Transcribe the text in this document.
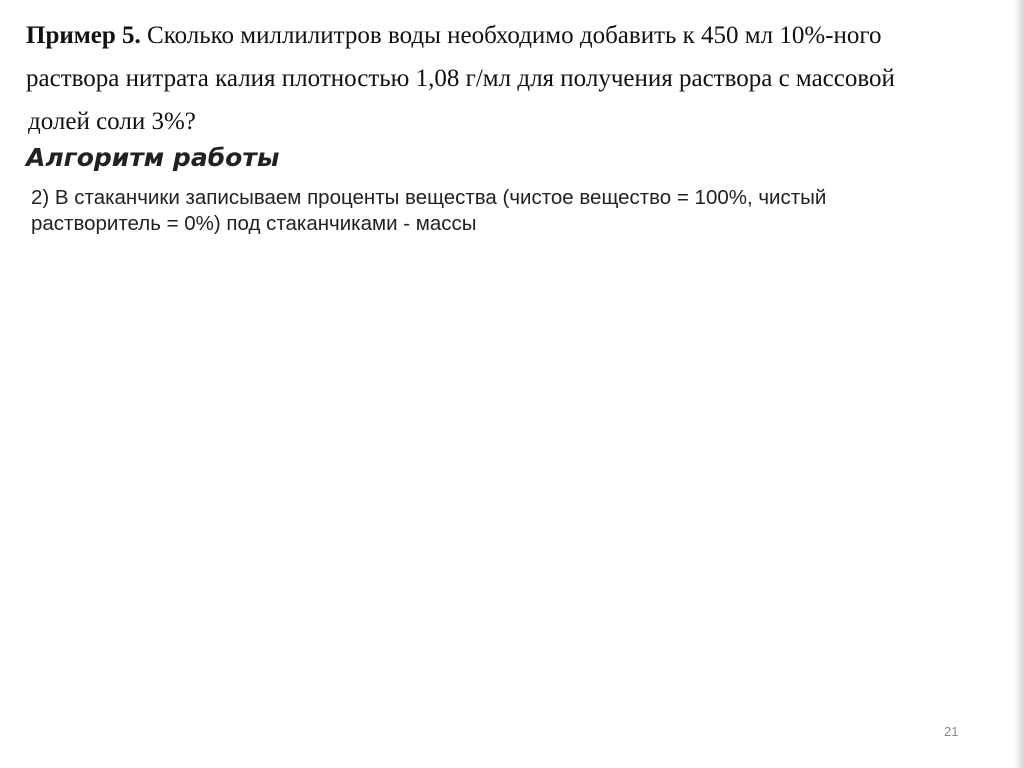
Пример 5. Сколько миллилитров воды необходимо добавить к 450 мл 10%-ного
раствора нитрата калия плотностью 1,08 г/мл для получения раствора с массовой
долей соли 3%?
Алгоритм работы
2) В стаканчики записываем проценты вещества (чистое вещество = 100%, чистый
растворитель = 0%) под стаканчиками - массы
21
